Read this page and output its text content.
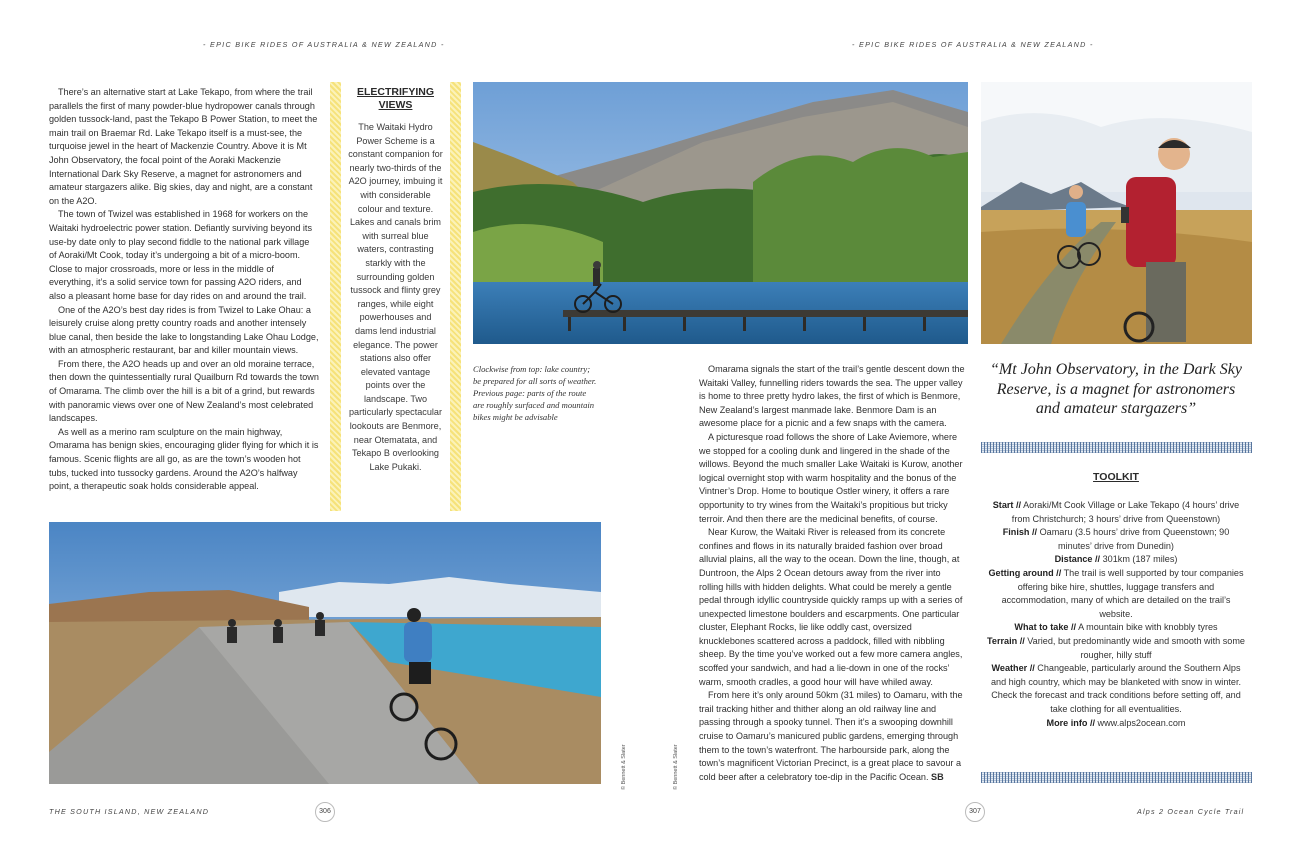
- EPIC BIKE RIDES OF AUSTRALIA & NEW ZEALAND -	- EPIC BIKE RIDES OF AUSTRALIA & NEW ZEALAND -

There’s an alternative start at Lake Tekapo, from where the trail parallels the first of many powder-blue hydropower canals through golden tussock-land, past the Tekapo B Power Station, to meet the main trail on Braemar Rd. Lake Tekapo itself is a must-see, the turquoise jewel in the heart of Mackenzie Country. Above it is Mt John Observatory, the focal point of the Aoraki Mackenzie International Dark Sky Reserve, a magnet for astronomers and amateur stargazers alike. Big skies, day and night, are a constant on the A2O.

The town of Twizel was established in 1968 for workers on the Waitaki hydroelectric power station. Defiantly surviving beyond its use-by date only to play second fiddle to the national park village of Aoraki/Mt Cook, today it’s undergoing a bit of a micro-boom. Close to major crossroads, more or less in the middle of everything, it’s a solid service town for passing A2O riders, and also a pleasant home base for day rides on and around the trail.

One of the A2O’s best day rides is from Twizel to Lake Ohau: a leisurely cruise along pretty country roads and another intensely blue canal, then beside the lake to longstanding Lake Ohau Lodge, with an atmospheric restaurant, bar and killer mountain views.

From there, the A2O heads up and over an old moraine terrace, then down the quintessentially rural Quailburn Rd towards the town of Omarama. The climb over the hill is a bit of a grind, but rewards with panoramic views over one of New Zealand’s most celebrated landscapes.

As well as a merino ram sculpture on the main highway, Omarama has benign skies, encouraging glider flying for which it is famous. Scenic flights are all go, as are the town’s wooden hot tubs, tucked into tussocky gardens. Around the A2O’s halfway point, a therapeutic soak holds considerable appeal.

ELECTRIFYING VIEWS
The Waitaki Hydro Power Scheme is a constant companion for nearly two-thirds of the A2O journey, imbuing it with considerable colour and texture. Lakes and canals brim with surreal blue waters, contrasting starkly with the surrounding golden tussock and flinty grey ranges, while eight powerhouses and dams lend industrial elegance. The power stations also offer elevated vantage points over the landscape. Two particularly spectacular lookouts are Benmore, near Otematata, and Tekapo B overlooking Lake Pukaki.
Clockwise from top: lake country; be prepared for all sorts of weather. Previous page: parts of the route are roughly surfaced and mountain bikes might be advisable

Omarama signals the start of the trail’s gentle descent down the Waitaki Valley, funnelling riders towards the sea. The upper valley is home to three pretty hydro lakes, the first of which is Benmore, New Zealand’s largest manmade lake. Benmore Dam is an awesome place for a picnic and a few snaps with the camera.

A picturesque road follows the shore of Lake Aviemore, where we stopped for a cooling dunk and lingered in the shade of the willows. Beyond the much smaller Lake Waitaki is Kurow, another logical overnight stop with warm hospitality and the bonus of the Vintner’s Drop. Home to boutique Ostler winery, it offers a rare opportunity to try wines from the Waitaki’s propitious but tricky terroir. And then there are the medicinal benefits, of course.

Near Kurow, the Waitaki River is released from its concrete confines and flows in its naturally braided fashion over broad alluvial plains, all the way to the ocean. Down the line, though, at Duntroon, the Alps 2 Ocean detours away from the river into rolling hills with hidden delights. What could be merely a gentle pedal through idyllic countryside quickly ramps up with a series of unexpected limestone boulders and escarpments. One particular cluster, Elephant Rocks, lie like oddly cast, oversized knucklebones scattered across a paddock, filled with nibbling sheep. By the time you’ve worked out a few more camera angles, scoffed your sandwich, and had a lie-down in one of the rocks’ warm, smooth cradles, a good hour will have whiled away.

From here it’s only around 50km (31 miles) to Oamaru, with the trail tracking hither and thither along an old railway line and passing through a spooky tunnel. Then it’s a swooping downhill cruise to Oamaru’s manicured public gardens, emerging through them to the town’s waterfront. The harbourside park, along the town’s magnificent Victorian Precinct, is a great place to savour a cold beer after a celebratory toe-dip in the Pacific Ocean. SB

© Bennett & Slater	© Bennett & Slater
“Mt John Observatory, in the Dark Sky Reserve, is a magnet for astronomers and amateur stargazers”
TOOLKIT
Start // Aoraki/Mt Cook Village or Lake Tekapo (4 hours’ drive from Christchurch; 3 hours’ drive from Queenstown)
Finish // Oamaru (3.5 hours’ drive from Queenstown; 90 minutes’ drive from Dunedin)
Distance // 301km (187 miles)
Getting around // The trail is well supported by tour companies offering bike hire, shuttles, luggage transfers and accommodation, many of which are detailed on the trail’s website.
What to take // A mountain bike with knobbly tyres
Terrain // Varied, but predominantly wide and smooth with some rougher, hilly stuff
Weather // Changeable, particularly around the Southern Alps and high country, which may be blanketed with snow in winter. Check the forecast and track conditions before setting off, and take clothing for all eventualities.
More info // www.alps2ocean.com
THE SOUTH ISLAND, NEW ZEALAND	306	307	Alps 2 Ocean Cycle Trail
